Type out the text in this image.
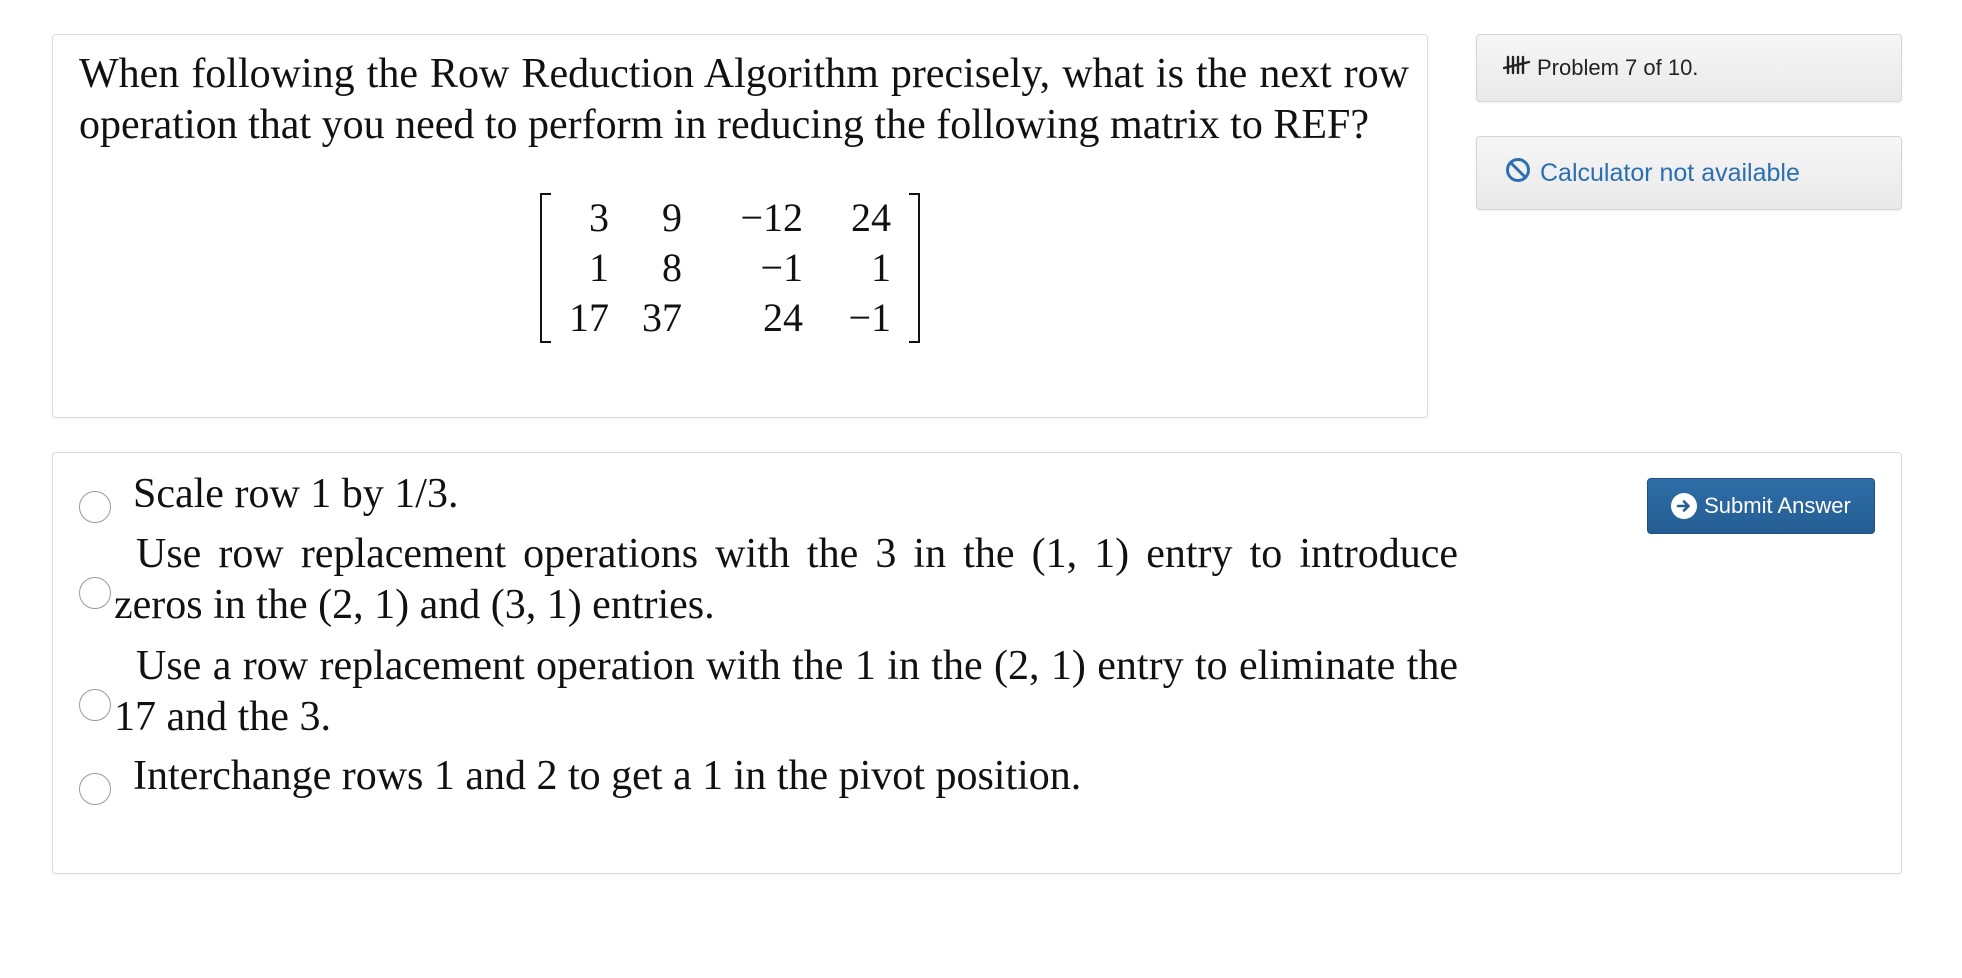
When following the Row Reduction Algorithm precisely, what is the next row operation that you need to perform in reducing the following matrix to REF?
3 9 −12 24
1 8 −1 1
17 37 24 −1
Problem 7 of 10.
Calculator not available
Scale row 1 by 1/3.
Use row replacement operations with the 3 in the (1, 1) entry to introduce zeros in the (2, 1) and (3, 1) entries.
Use a row replacement operation with the 1 in the (2, 1) entry to eliminate the 17 and the 3.
Interchange rows 1 and 2 to get a 1 in the pivot position.
Submit Answer
